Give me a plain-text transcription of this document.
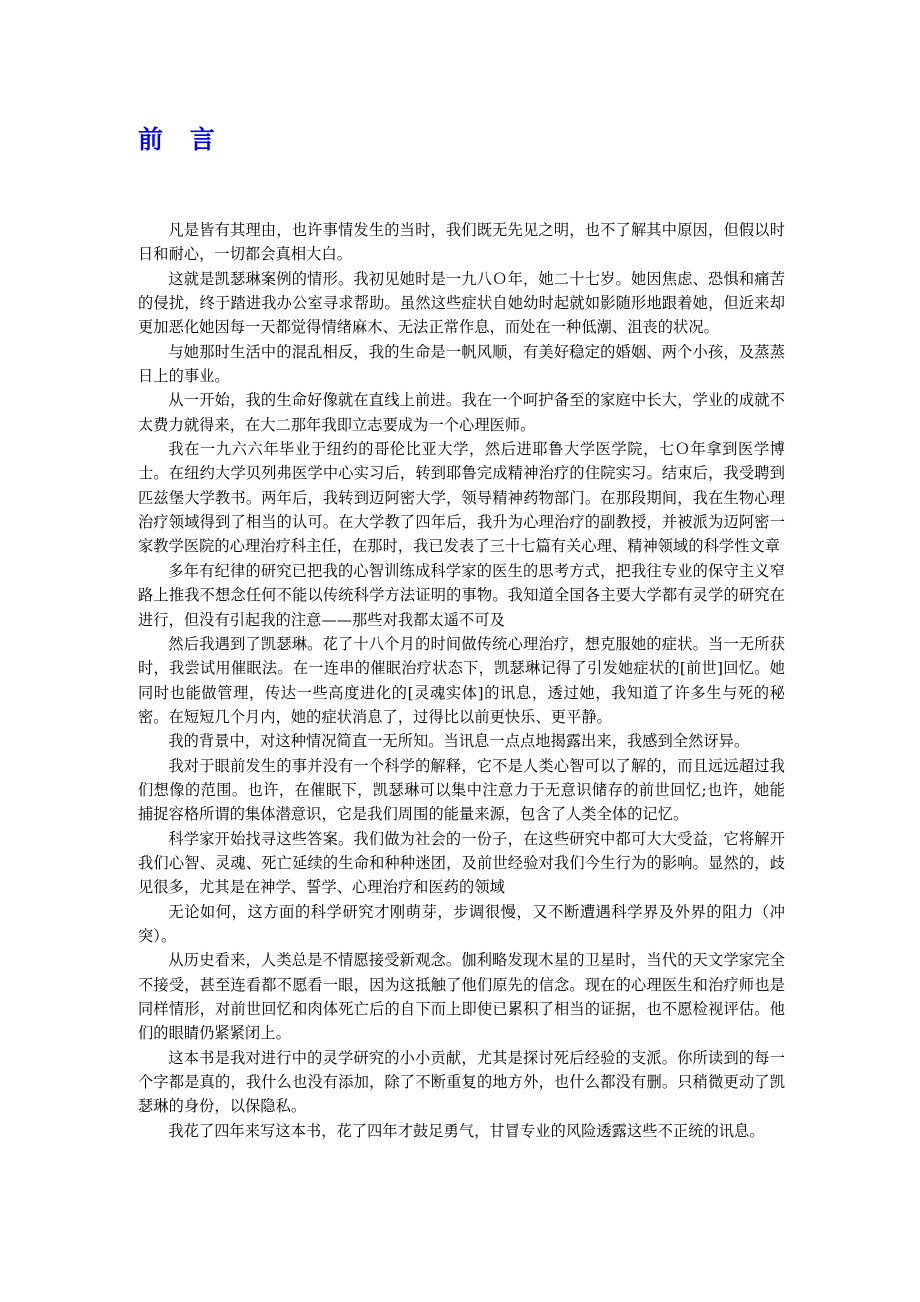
前 言

凡是皆有其理由，也许事情发生的当时，我们既无先见之明，也不了解其中原因，但假以时日和耐心，一切都会真相大白。

这就是凯瑟琳案例的情形。我初见她时是一九八Ｏ年，她二十七岁。她因焦虑、恐惧和痛苦的侵扰，终于踏进我办公室寻求帮助。虽然这些症状自她幼时起就如影随形地跟着她，但近来却更加恶化她因每一天都觉得情绪麻木、无法正常作息，而处在一种低潮、沮丧的状况。

与她那时生活中的混乱相反，我的生命是一帆风顺，有美好稳定的婚姻、两个小孩，及蒸蒸日上的事业。

从一开始，我的生命好像就在直线上前进。我在一个呵护备至的家庭中长大，学业的成就不太费力就得来，在大二那年我即立志要成为一个心理医师。

我在一九六六年毕业于纽约的哥伦比亚大学，然后进耶鲁大学医学院，七Ｏ年拿到医学博士。在纽约大学贝列弗医学中心实习后，转到耶鲁完成精神治疗的住院实习。结束后，我受聘到匹兹堡大学教书。两年后，我转到迈阿密大学，领导精神药物部门。在那段期间，我在生物心理治疗领域得到了相当的认可。在大学教了四年后，我升为心理治疗的副教授，并被派为迈阿密一家教学医院的心理治疗科主任，在那时，我已发表了三十七篇有关心理、精神领域的科学性文章

多年有纪律的研究已把我的心智训练成科学家的医生的思考方式，把我往专业的保守主义窄路上推我不想念任何不能以传统科学方法证明的事物。我知道全国各主要大学都有灵学的研究在进行，但没有引起我的注意——那些对我都太遥不可及

然后我遇到了凯瑟琳。花了十八个月的时间做传统心理治疗，想克服她的症状。当一无所获时，我尝试用催眠法。在一连串的催眠治疗状态下，凯瑟琳记得了引发她症状的[前世]回忆。她同时也能做管理，传达一些高度进化的[灵魂实体]的讯息，透过她，我知道了许多生与死的秘密。在短短几个月内，她的症状消息了，过得比以前更快乐、更平静。

我的背景中，对这种情况简直一无所知。当讯息一点点地揭露出来，我感到全然讶异。

我对于眼前发生的事并没有一个科学的解释，它不是人类心智可以了解的，而且远远超过我们想像的范围。也许，在催眠下，凯瑟琳可以集中注意力于无意识储存的前世回忆;也许，她能捕捉容格所谓的集体潜意识，它是我们周围的能量来源，包含了人类全体的记忆。

科学家开始找寻这些答案。我们做为社会的一份子，在这些研究中都可大大受益，它将解开我们心智、灵魂、死亡延续的生命和种种迷团，及前世经验对我们今生行为的影响。显然的，歧见很多，尤其是在神学、誓学、心理治疗和医药的领域

无论如何，这方面的科学研究才刚萌芽，步调很慢，又不断遭遇科学界及外界的阻力（冲突）。

从历史看来，人类总是不情愿接受新观念。伽利略发现木星的卫星时，当代的天文学家完全不接受，甚至连看都不愿看一眼，因为这抵触了他们原先的信念。现在的心理医生和治疗师也是同样情形，对前世回忆和肉体死亡后的自下而上即使已累积了相当的证据，也不愿检视评估。他们的眼睛仍紧紧闭上。

这本书是我对进行中的灵学研究的小小贡献，尤其是探讨死后经验的支派。你所读到的每一个字都是真的，我什么也没有添加，除了不断重复的地方外，也什么都没有删。只稍微更动了凯瑟琳的身份，以保隐私。

我花了四年来写这本书，花了四年才鼓足勇气，甘冒专业的风险透露这些不正统的讯息。
